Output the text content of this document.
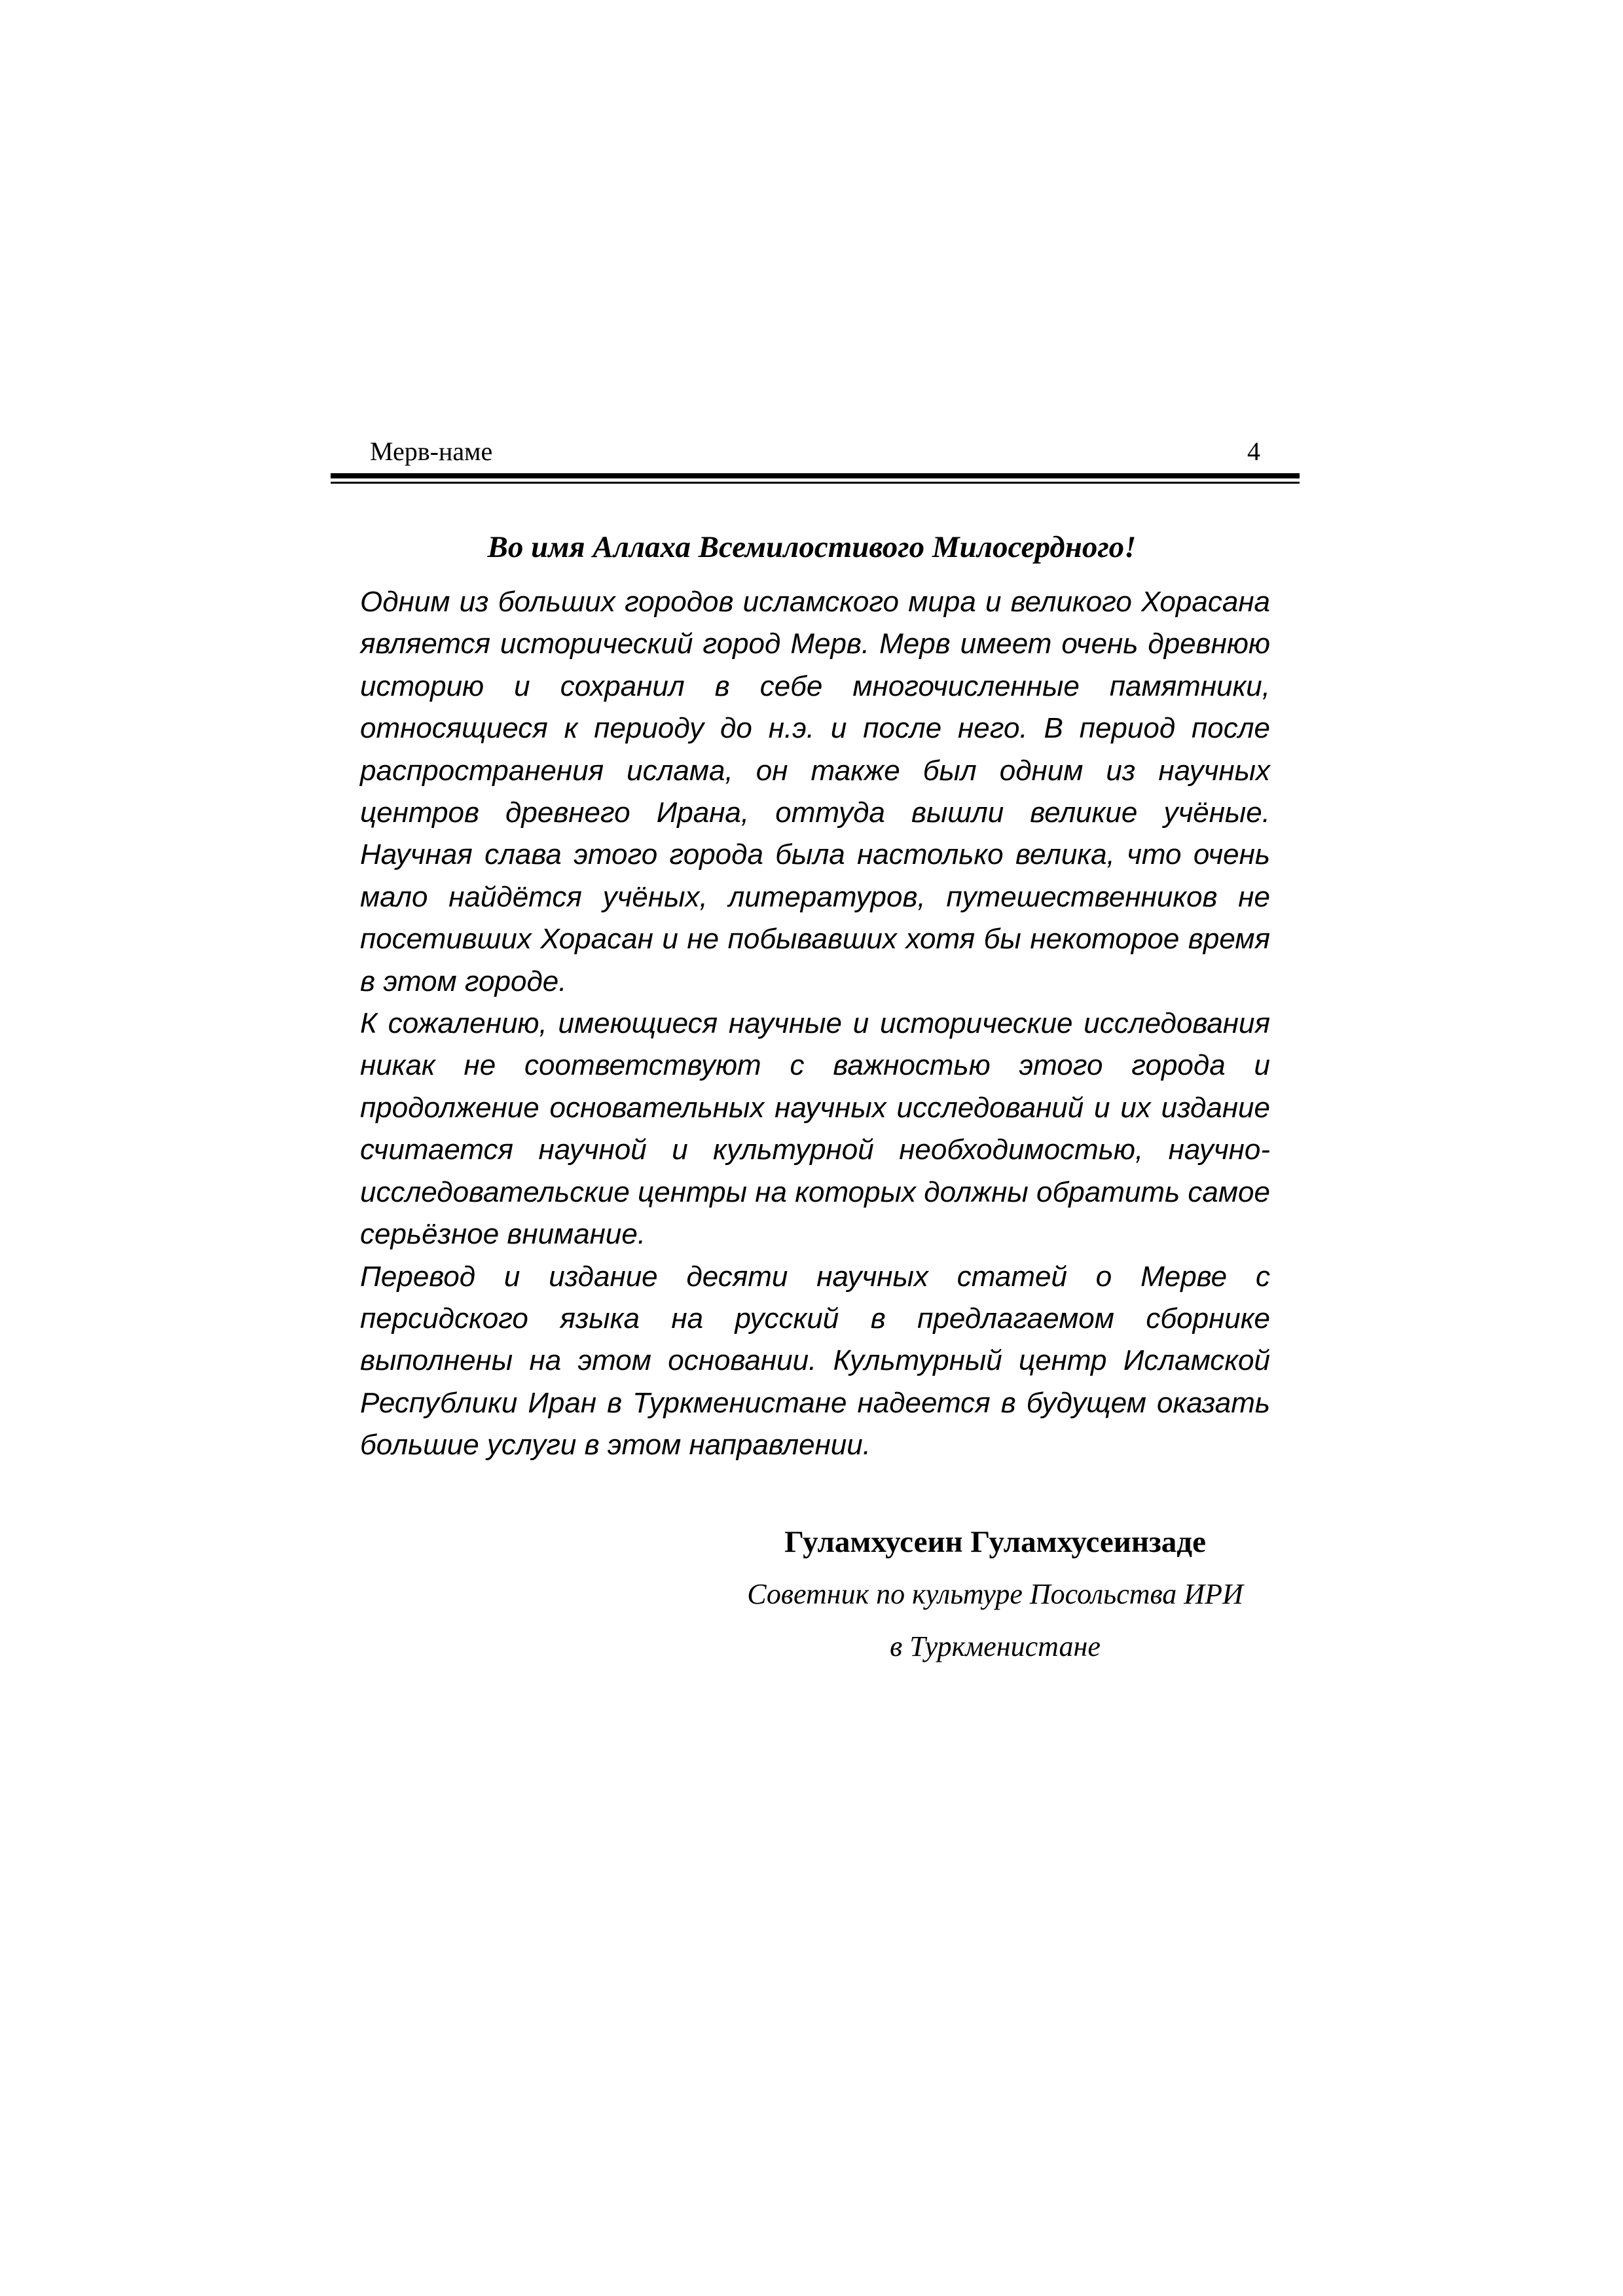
Мерв-наме	4
Во имя Аллаха Всемилостивого Милосердного!

Одним из больших городов исламского мира и великого Хорасана является исторический город Мерв. Мерв имеет очень древнюю историю и сохранил в себе многочисленные памятники, относящиеся к периоду до н.э. и после него. В период после распространения ислама, он также был одним из научных центров древнего Ирана, оттуда вышли великие учёные. Научная слава этого города была настолько велика, что очень мало найдётся учёных, литературов, путешественников не посетивших Хорасан и не побывавших хотя бы некоторое время в этом городе.

К сожалению, имеющиеся научные и исторические исследования никак не соответствуют с важностью этого города и продолжение основательных научных исследований и их издание считается научной и культурной необходимостью, научно-исследовательские центры на которых должны обратить самое серьёзное внимание.

Перевод и издание десяти научных статей о Мерве с персидского языка на русский в предлагаемом сборнике выполнены на этом основании. Культурный центр Исламской Республики Иран в Туркменистане надеется в будущем оказать большие услуги в этом направлении.

Гуламхусеин Гуламхусеинзаде
Советник по культуре Посольства ИРИ
в Туркменистане
